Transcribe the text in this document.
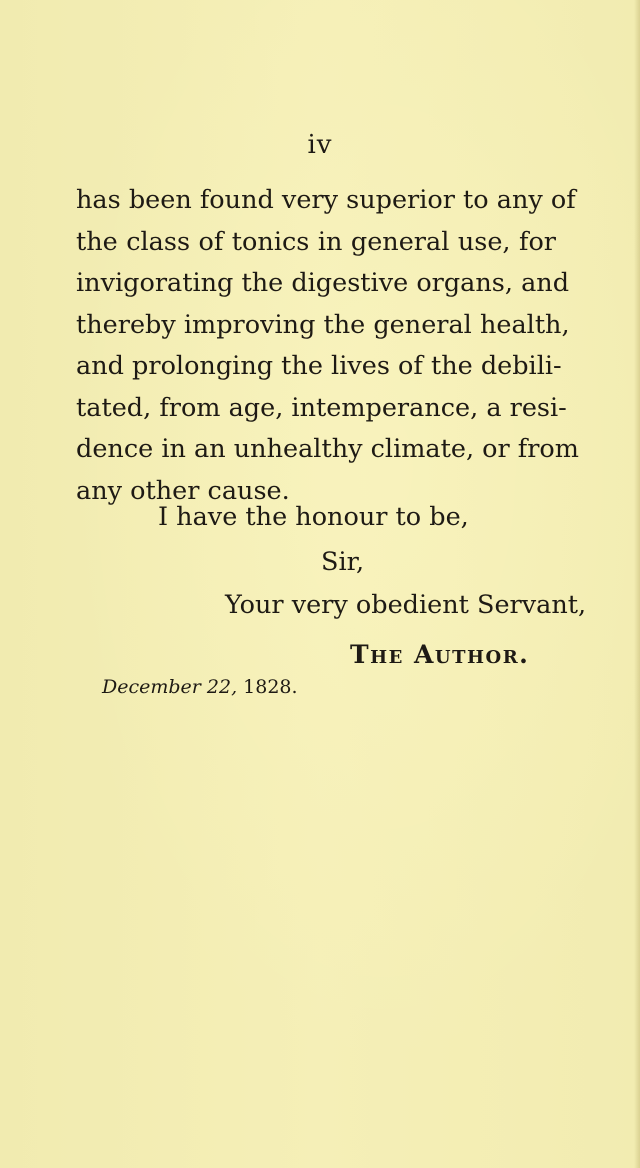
iv
has been found very superior to any of
the class of tonics in general use, for
invigorating the digestive organs, and
thereby improving the general health,
and prolonging the lives of the debili-
tated, from age, intemperance, a resi-
dence in an unhealthy climate, or from
any other cause.
I have the honour to be,
Sir,
Your very obedient Servant,
The Author.
December 22, 1828.
